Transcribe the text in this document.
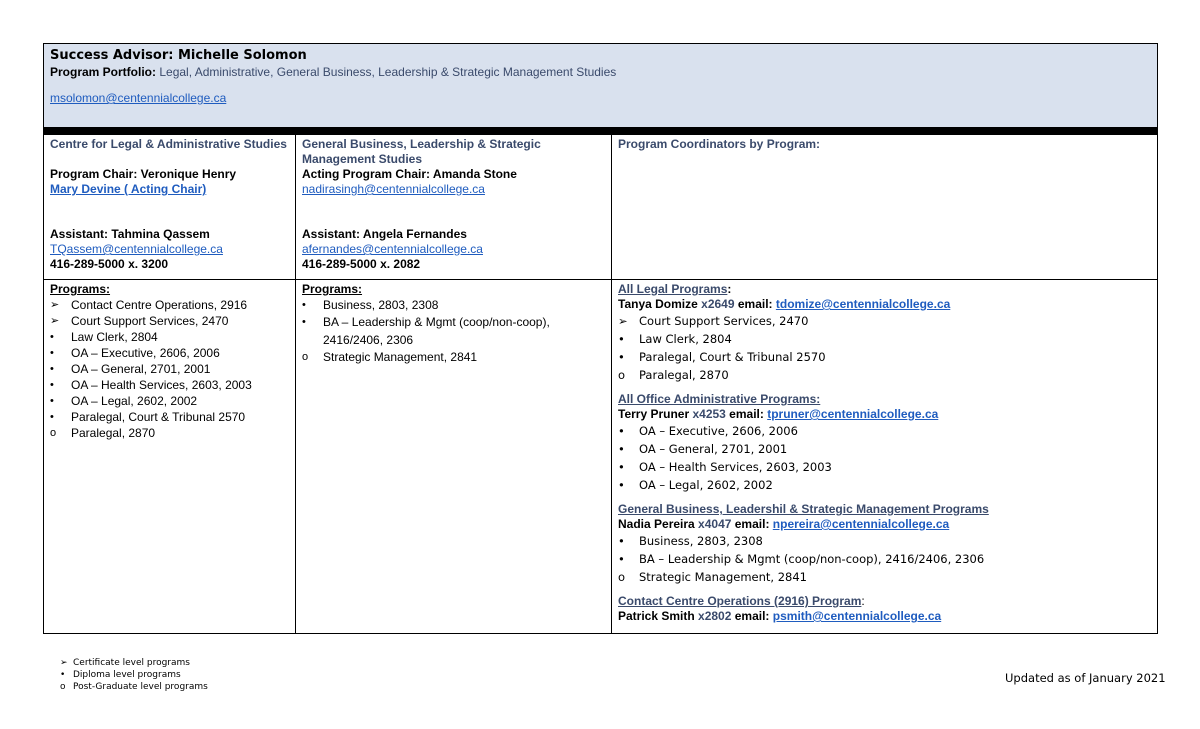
Success Advisor: Michelle Solomon
Program Portfolio: Legal, Administrative, General Business, Leadership & Strategic Management Studies
msolomon@centennialcollege.ca
Centre for Legal & Administrative Studies
Program Chair: Veronique Henry
Mary Devine ( Acting Chair)
Assistant: Tahmina Qassem
TQassem@centennialcollege.ca
416-289-5000 x. 3200
General Business, Leadership & Strategic Management Studies
Acting Program Chair: Amanda Stone
nadirasingh@centennialcollege.ca
Assistant: Angela Fernandes
afernandes@centennialcollege.ca
416-289-5000 x. 2082
Program Coordinators by Program:
Programs:
➢ Contact Centre Operations, 2916
➢ Court Support Services, 2470
•	Law Clerk, 2804
•	OA – Executive, 2606, 2006
•	OA – General, 2701, 2001
•	OA – Health Services, 2603, 2003
•	OA – Legal, 2602, 2002
•	Paralegal, Court & Tribunal 2570
o	Paralegal, 2870
Programs:
•	Business, 2803, 2308
•	BA – Leadership & Mgmt (coop/non-coop), 2416/2406, 2306
o	Strategic Management, 2841
All Legal Programs:
Tanya Domize x2649 email: tdomize@centennialcollege.ca
➢ Court Support Services, 2470
•	Law Clerk, 2804
•	Paralegal, Court & Tribunal 2570
o	Paralegal, 2870
All Office Administrative Programs:
Terry Pruner x4253 email: tpruner@centennialcollege.ca
•	OA – Executive, 2606, 2006
•	OA – General, 2701, 2001
•	OA – Health Services, 2603, 2003
•	OA – Legal, 2602, 2002
General Business, Leadershil & Strategic Management Programs
Nadia Pereira x4047 email: npereira@centennialcollege.ca
•	Business, 2803, 2308
•	BA – Leadership & Mgmt (coop/non-coop), 2416/2406, 2306
o	Strategic Management, 2841
Contact Centre Operations (2916) Program:
Patrick Smith x2802 email: psmith@centennialcollege.ca
➢ Certificate level programs
• Diploma level programs
o Post-Graduate level programs
Updated as of January 2021
